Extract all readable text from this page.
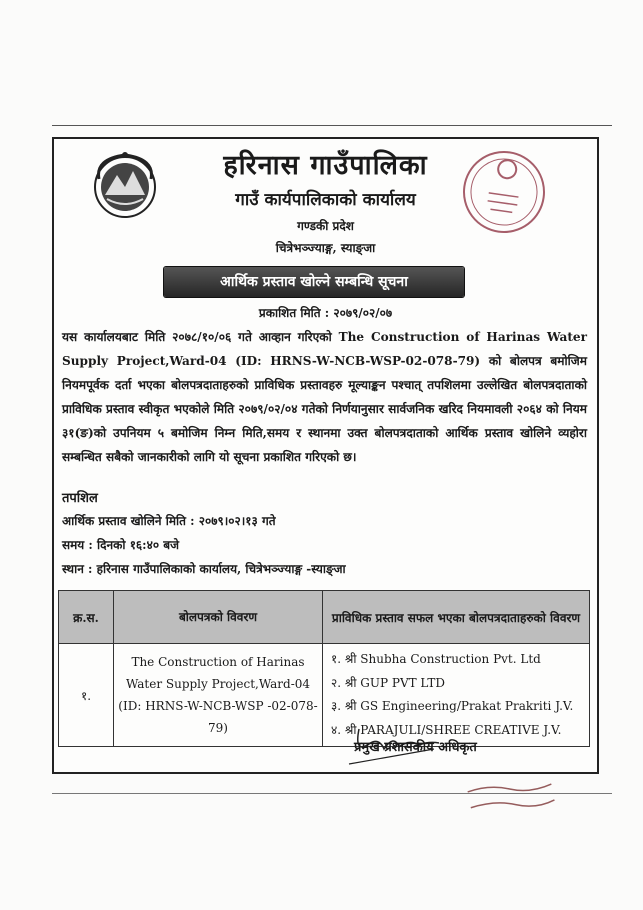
हरिनास गाउँपालिका
गाउँ कार्यपालिकाको कार्यालय
गण्डकी प्रदेश
चित्रेभञ्ज्याङ्ग, स्याङ्जा
आर्थिक प्रस्ताव खोल्ने सम्बन्धि सूचना
प्रकाशित मिति : २०७९/०२/०७
यस कार्यालयबाट मिति २०७८/१०/०६ गते आव्हान गरिएको The Construction of Harinas Water Supply Project,Ward-04 (ID: HRNS-W-NCB-WSP-02-078-79) को बोलपत्र बमोजिम नियमपूर्वक दर्ता भएका बोलपत्रदाताहरुको प्राविधिक प्रस्तावहरु मूल्याङ्कन पश्चात् तपशिलमा उल्लेखित बोलपत्रदाताको प्राविधिक प्रस्ताव स्वीकृत भएकोले मिति २०७९/०२/०४ गतेको निर्णयानुसार सार्वजनिक खरिद नियमावली २०६४ को नियम ३१(ङ)को उपनियम ५ बमोजिम निम्न मिति,समय र स्थानमा उक्त बोलपत्रदाताको आर्थिक प्रस्ताव खोलिने व्यहोरा सम्बन्धित सबैको जानकारीको लागि यो सूचना प्रकाशित गरिएको छ।
तपशिल
आर्थिक प्रस्ताव खोलिने मिति : २०७९।०२।१३ गते
समय : दिनको १६:४० बजे
स्थान : हरिनास गाउँपालिकाको कार्यालय, चित्रेभञ्ज्याङ्ग -स्याङ्जा
क्र.स.	बोलपत्रको विवरण	प्राविधिक प्रस्ताव सफल भएका बोलपत्रदाताहरुको विवरण
१.	The Construction of Harinas Water Supply Project,Ward-04 (ID: HRNS-W-NCB-WSP -02-078-79)	१. श्री Shubha Construction Pvt. Ltd
२. श्री GUP PVT LTD
३. श्री GS Engineering/Prakat Prakriti J.V.
४. श्री PARAJULI/SHREE CREATIVE J.V.
प्रमुख प्रशासकीय अधिकृत
